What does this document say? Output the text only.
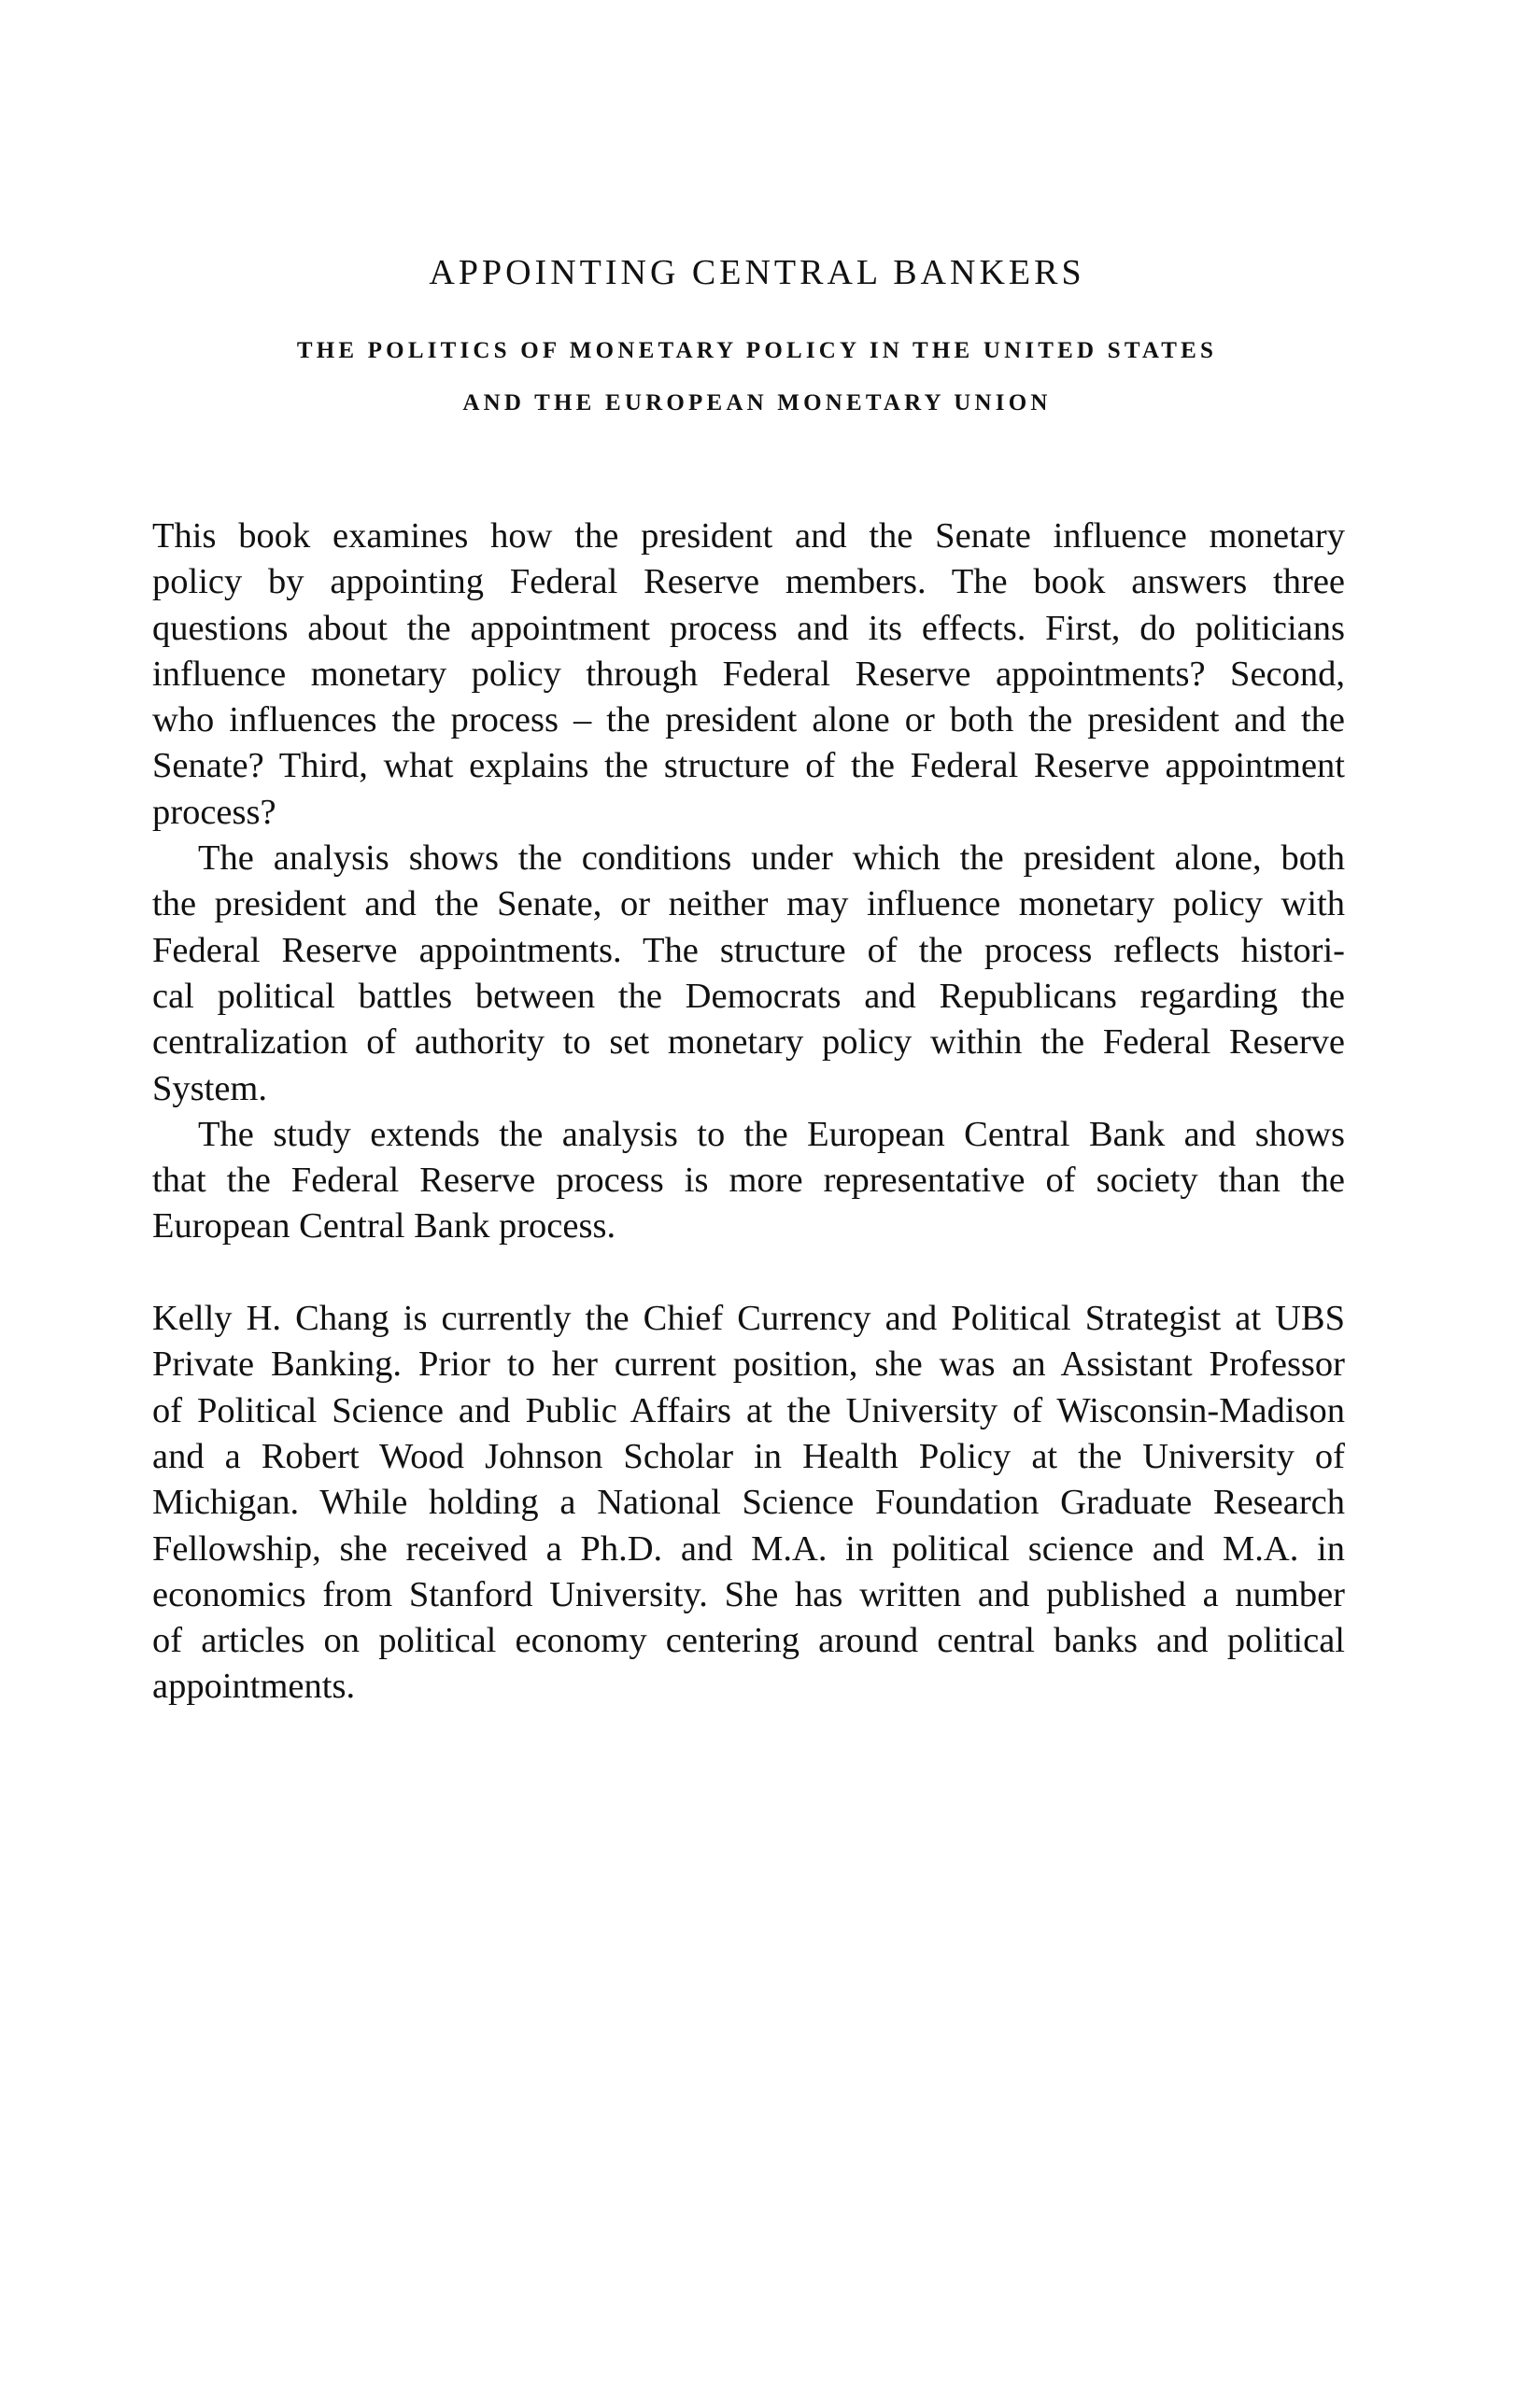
APPOINTING CENTRAL BANKERS
THE POLITICS OF MONETARY POLICY IN THE UNITED STATES
AND THE EUROPEAN MONETARY UNION
This book examines how the president and the Senate influence monetary
policy by appointing Federal Reserve members. The book answers three
questions about the appointment process and its effects. First, do politicians
influence monetary policy through Federal Reserve appointments? Second,
who influences the process – the president alone or both the president and the
Senate? Third, what explains the structure of the Federal Reserve appointment
process?
The analysis shows the conditions under which the president alone, both
the president and the Senate, or neither may influence monetary policy with
Federal Reserve appointments. The structure of the process reflects histori-
cal political battles between the Democrats and Republicans regarding the
centralization of authority to set monetary policy within the Federal Reserve
System.
The study extends the analysis to the European Central Bank and shows
that the Federal Reserve process is more representative of society than the
European Central Bank process.
Kelly H. Chang is currently the Chief Currency and Political Strategist at UBS
Private Banking. Prior to her current position, she was an Assistant Professor
of Political Science and Public Affairs at the University of Wisconsin-Madison
and a Robert Wood Johnson Scholar in Health Policy at the University of
Michigan. While holding a National Science Foundation Graduate Research
Fellowship, she received a Ph.D. and M.A. in political science and M.A. in
economics from Stanford University. She has written and published a number
of articles on political economy centering around central banks and political
appointments.
